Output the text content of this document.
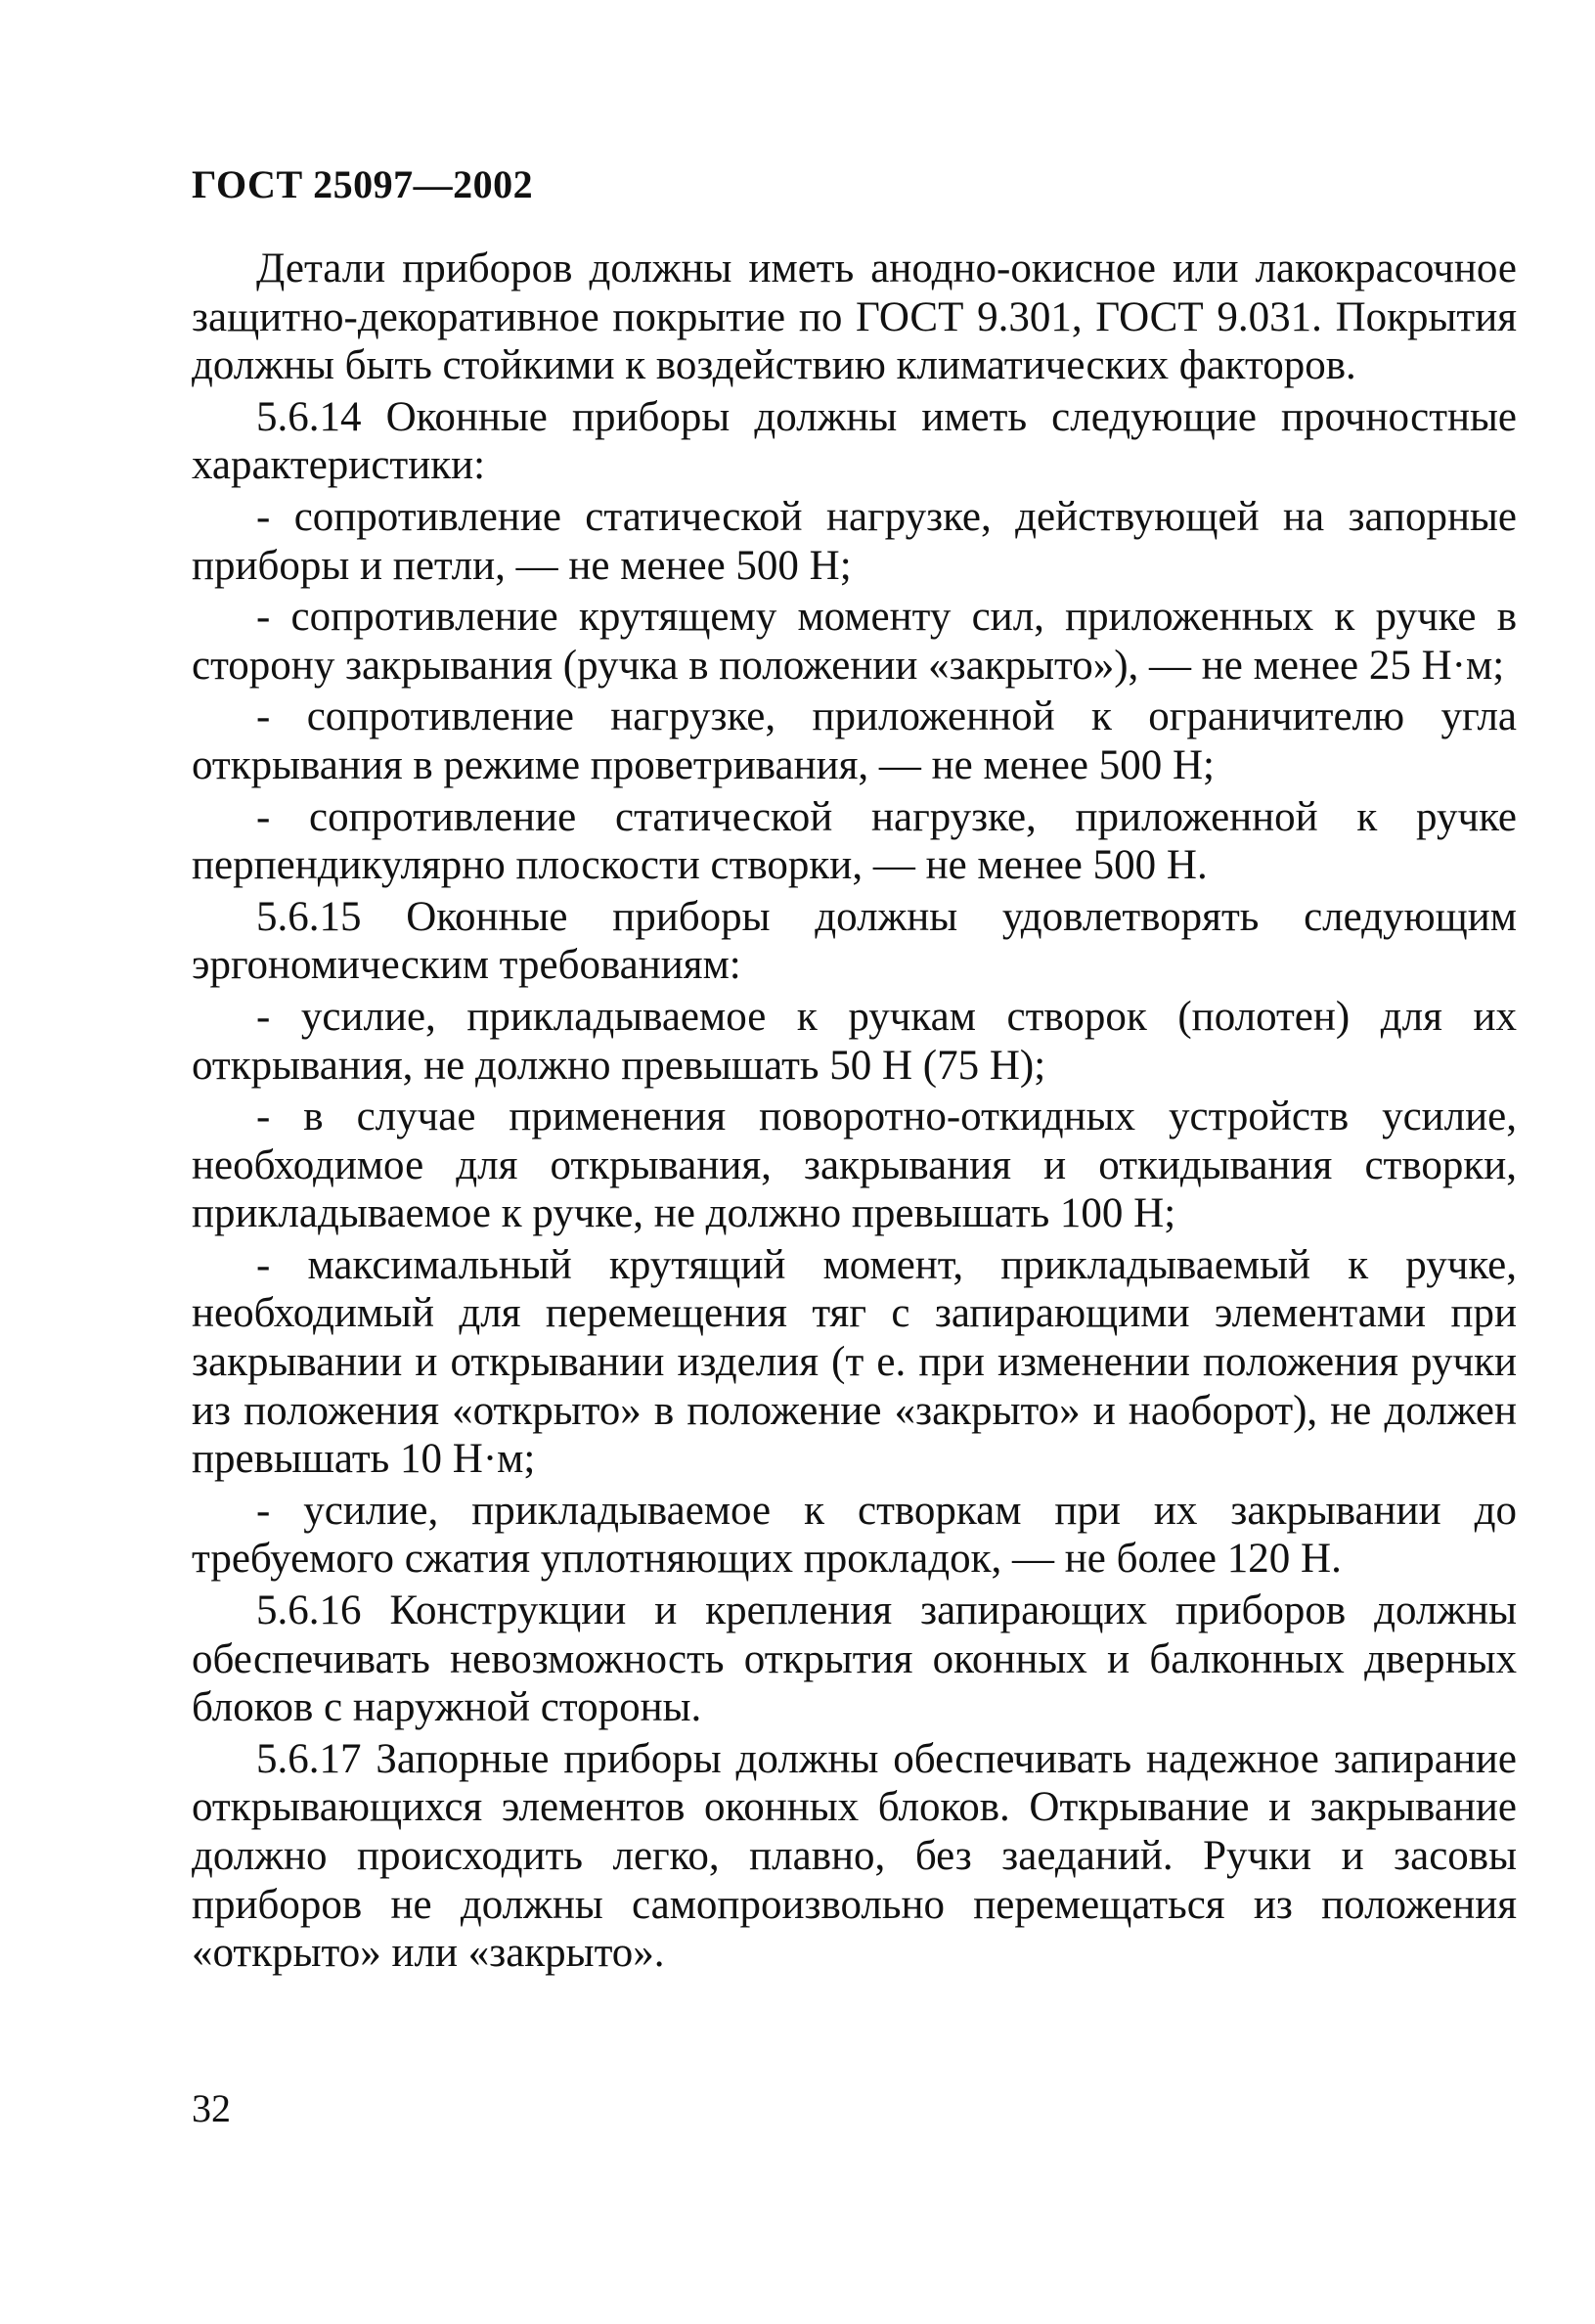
ГОСТ 25097—2002

Детали приборов должны иметь анодно-окисное или лакокрасочное защитно-декоративное покрытие по ГОСТ 9.301, ГОСТ 9.031. Покрытия должны быть стойкими к воздействию климатических факторов.

5.6.14 Оконные приборы должны иметь следующие прочностные характеристики:

- сопротивление статической нагрузке, действующей на запорные приборы и петли, — не менее 500 Н;

- сопротивление крутящему моменту сил, приложенных к ручке в сторону закрывания (ручка в положении «закрыто»), — не менее 25 Н·м;

- сопротивление нагрузке, приложенной к ограничителю угла открывания в режиме проветривания, — не менее 500 Н;

- сопротивление статической нагрузке, приложенной к ручке перпендикулярно плоскости створки, — не менее 500 Н.

5.6.15 Оконные приборы должны удовлетворять следующим эргономическим требованиям:

- усилие, прикладываемое к ручкам створок (полотен) для их открывания, не должно превышать 50 Н (75 Н);

- в случае применения поворотно-откидных устройств усилие, необходимое для открывания, закрывания и откидывания створки, прикладываемое к ручке, не должно превышать 100 Н;

- максимальный крутящий момент, прикладываемый к ручке, необходимый для перемещения тяг с запирающими элементами при закрывании и открывании изделия (т е. при изменении положения ручки из положения «открыто» в положение «закрыто» и наоборот), не должен превышать 10 Н·м;

- усилие, прикладываемое к створкам при их закрывании до требуемого сжатия уплотняющих прокладок, — не более 120 Н.

5.6.16 Конструкции и крепления запирающих приборов должны обеспечивать невозможность открытия оконных и балконных дверных блоков с наружной стороны.

5.6.17 Запорные приборы должны обеспечивать надежное запирание открывающихся элементов оконных блоков. Открывание и закрывание должно происходить легко, плавно, без заеданий. Ручки и засовы приборов не должны самопроизвольно перемещаться из положения «открыто» или «закрыто».

32
